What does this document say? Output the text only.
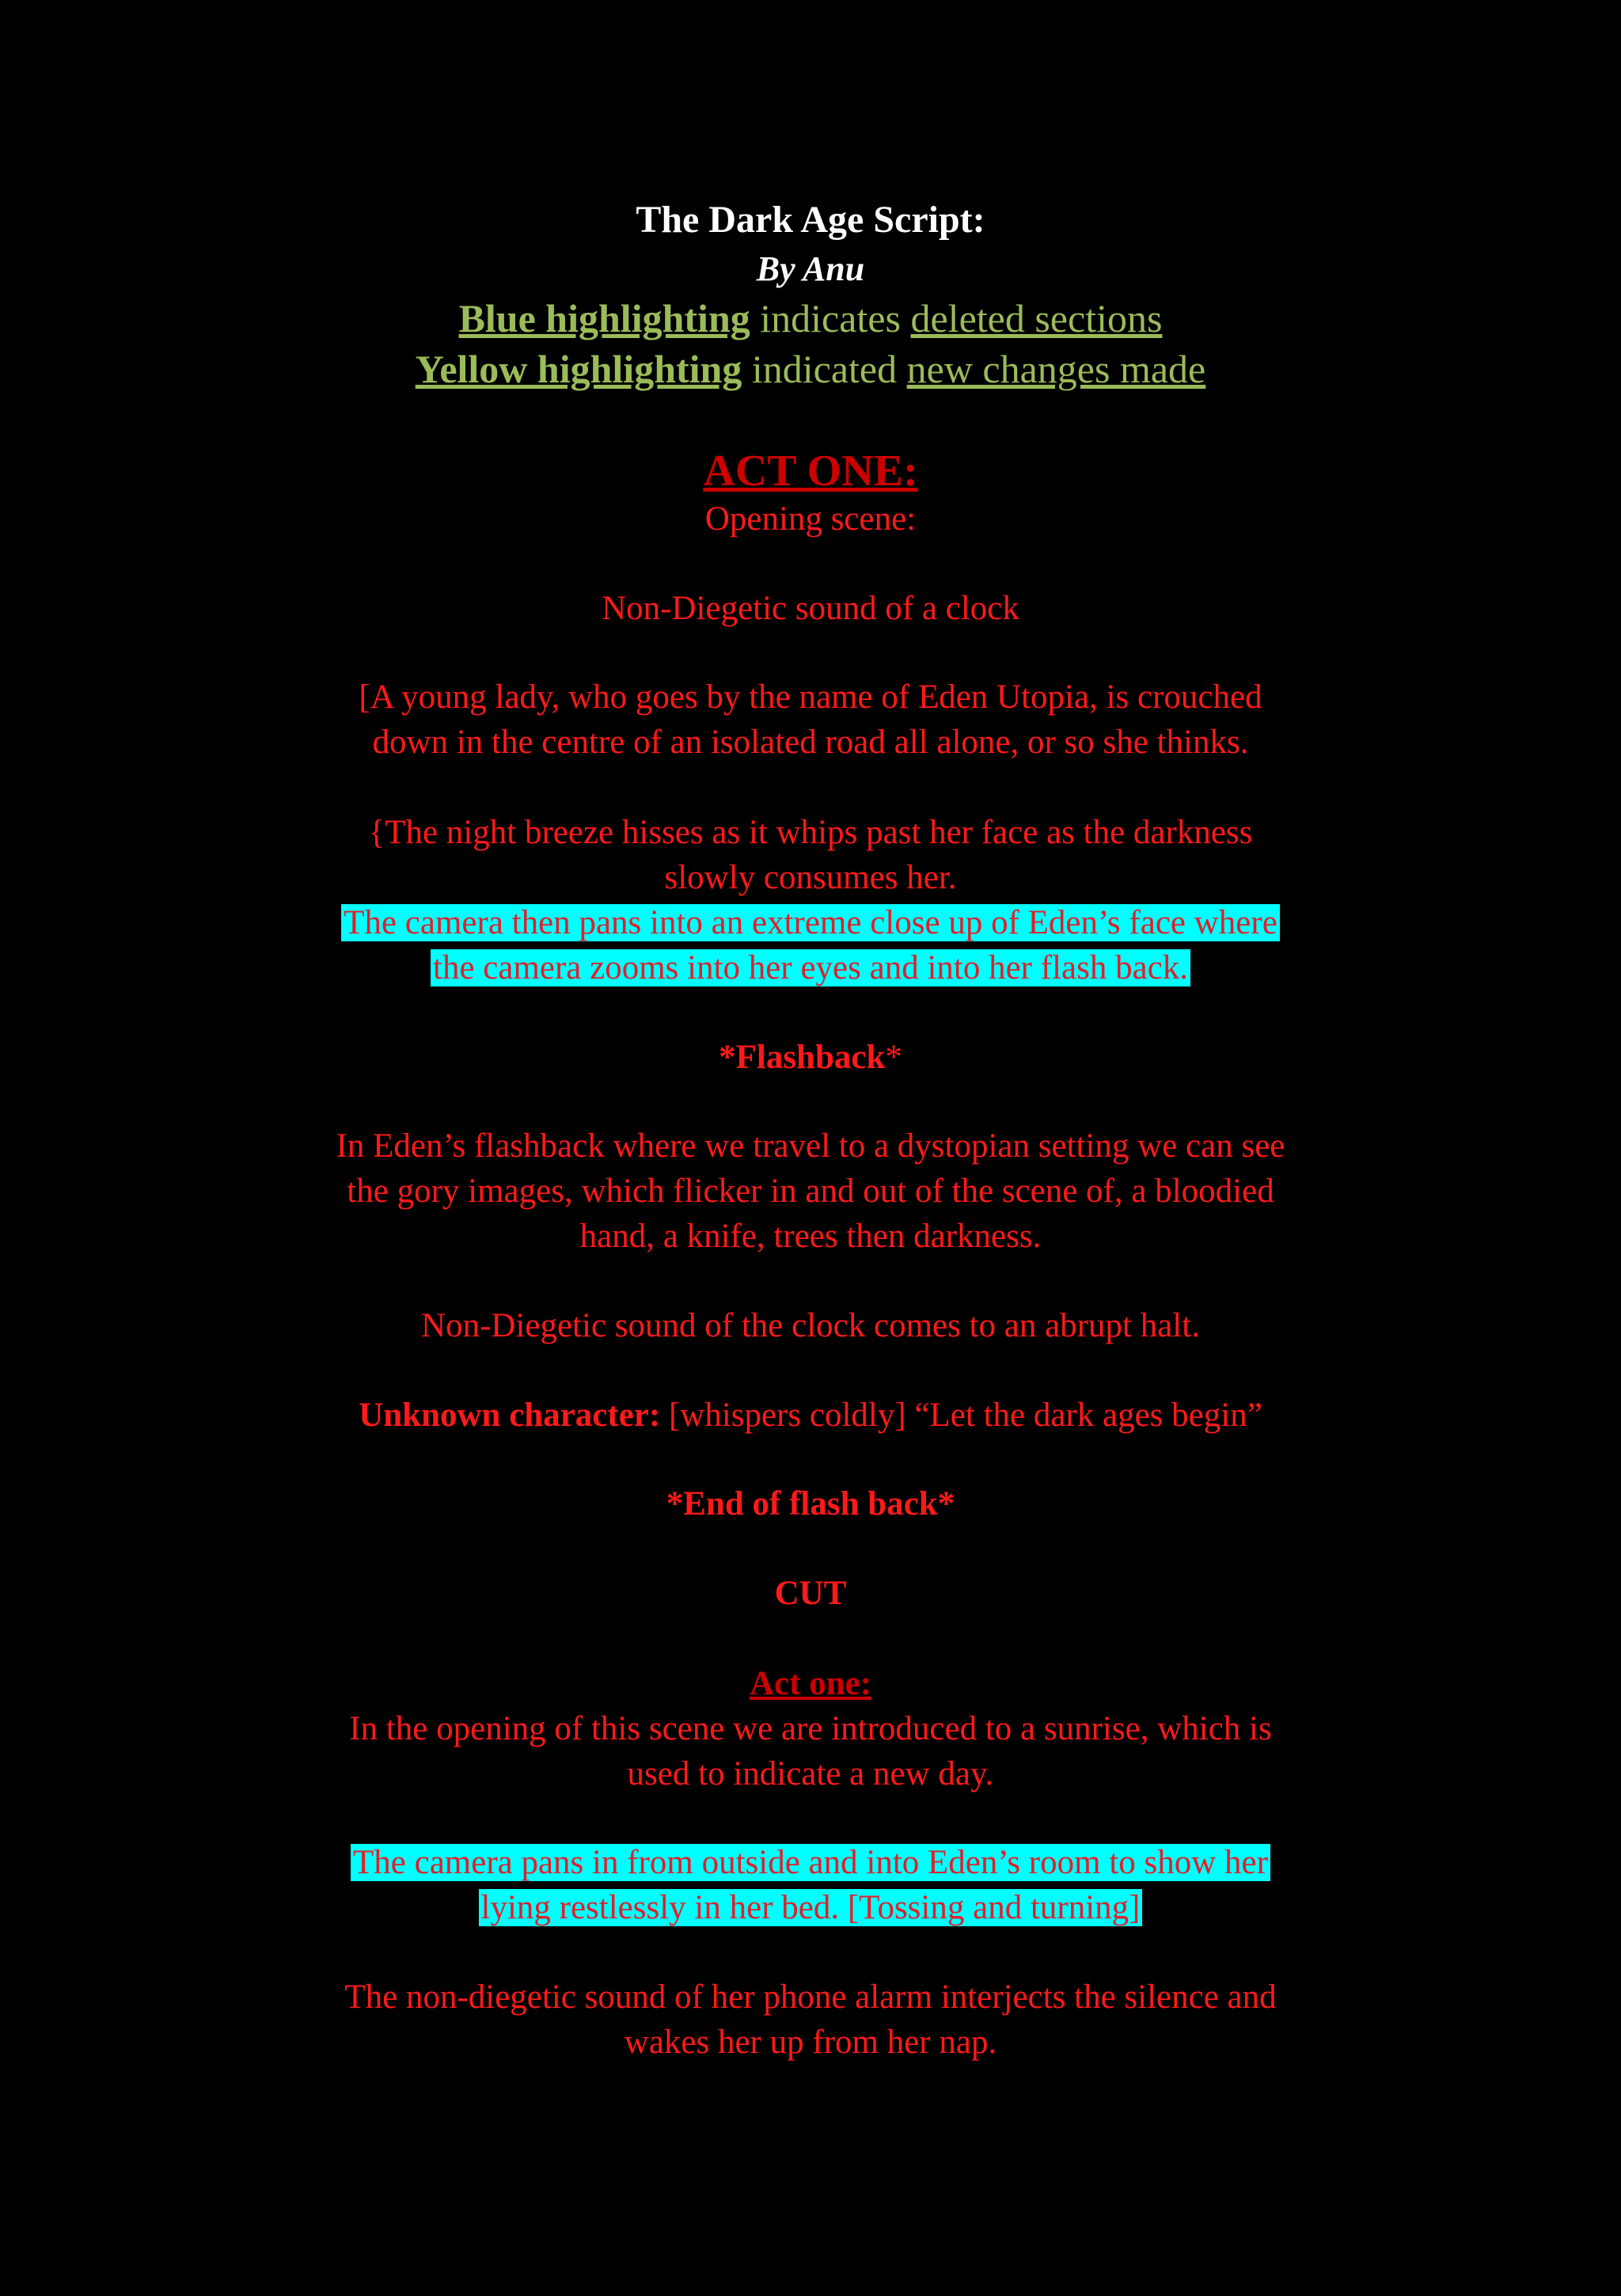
The Dark Age Script:
By Anu
Blue highlighting indicates deleted sections
Yellow highlighting indicated new changes made
ACT ONE:
Opening scene:
Non-Diegetic sound of a clock
[A young lady, who goes by the name of Eden Utopia, is crouched
down in the centre of an isolated road all alone, or so she thinks.
{The night breeze hisses as it whips past her face as the darkness
slowly consumes her.
The camera then pans into an extreme close up of Eden’s face where
the camera zooms into her eyes and into her flash back.
*Flashback*
In Eden’s flashback where we travel to a dystopian setting we can see
the gory images, which flicker in and out of the scene of, a bloodied
hand, a knife, trees then darkness.
Non-Diegetic sound of the clock comes to an abrupt halt.
Unknown character: [whispers coldly] “Let the dark ages begin”
*End of flash back*
CUT
Act one:
In the opening of this scene we are introduced to a sunrise, which is
used to indicate a new day.
The camera pans in from outside and into Eden’s room to show her
lying restlessly in her bed. [Tossing and turning]
The non-diegetic sound of her phone alarm interjects the silence and
wakes her up from her nap.
